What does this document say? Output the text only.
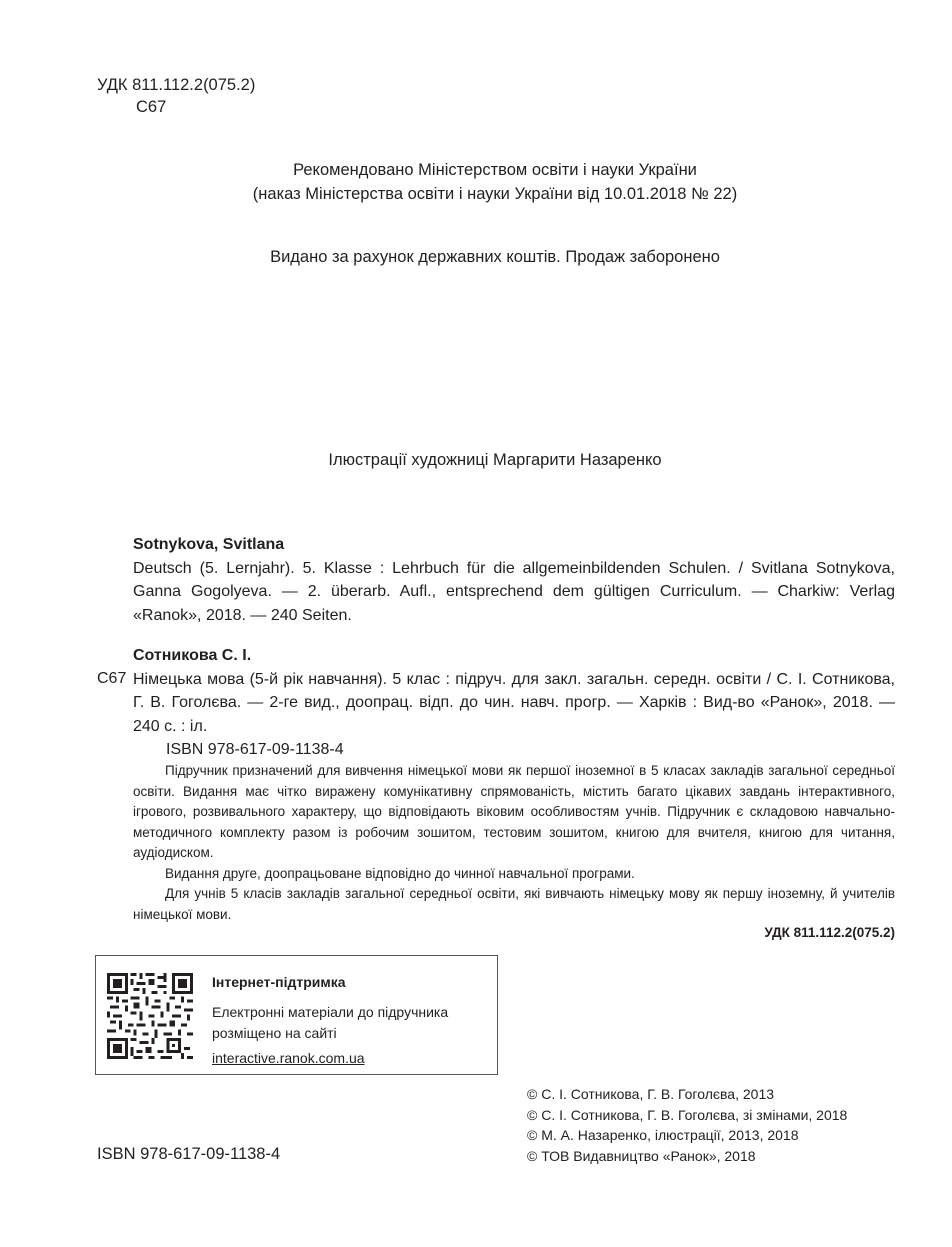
УДК 811.112.2(075.2)
С67
Рекомендовано Міністерством освіти і науки України
(наказ Міністерства освіти і науки України від 10.01.2018 № 22)
Видано за рахунок державних коштів. Продаж заборонено
Ілюстрації художниці Маргарити Назаренко
Sotnykova, Svitlana
Deutsch (5. Lernjahr). 5. Klasse : Lehrbuch für die allgemeinbildenden Schulen. / Svitlana Sotnykova, Ganna Gogolyeva. — 2. überarb. Aufl., entsprechend dem gültigen Curriculum. — Charkiw: Verlag «Ranok», 2018. — 240 Seiten.
С67
Сотникова С. І.
Німецька мова (5-й рік навчання). 5 клас : підруч. для закл. загальн. середн. освіти / С. І. Сотникова, Г. В. Гоголєва. — 2-ге вид., доопрац. відп. до чин. навч. прогр. — Харків : Вид-во «Ранок», 2018. — 240 с. : іл.
ISBN 978-617-09-1138-4

Підручник призначений для вивчення німецької мови як першої іноземної в 5 класах закладів загальної середньої освіти. Видання має чітко виражену комунікативну спрямованість, містить багато цікавих завдань інтерактивного, ігрового, розвивального характеру, що відповідають віковим особливостям учнів. Підручник є складовою навчально-методичного комплекту разом із робочим зошитом, тестовим зошитом, книгою для вчителя, книгою для читання, аудіодиском.

Видання друге, доопрацьоване відповідно до чинної навчальної програми.

Для учнів 5 класів закладів загальної середньої освіти, які вивчають німецьку мову як першу іноземну, й учителів німецької мови.

УДК 811.112.2(075.2)
Інтернет-підтримка
Електронні матеріали до підручника
розміщено на сайті
interactive.ranok.com.ua
© С. І. Сотникова, Г. В. Гоголєва, 2013
© С. І. Сотникова, Г. В. Гоголєва, зі змінами, 2018
© М. А. Назаренко, ілюстрації, 2013, 2018
© ТОВ Видавництво «Ранок», 2018
ISBN 978-617-09-1138-4
